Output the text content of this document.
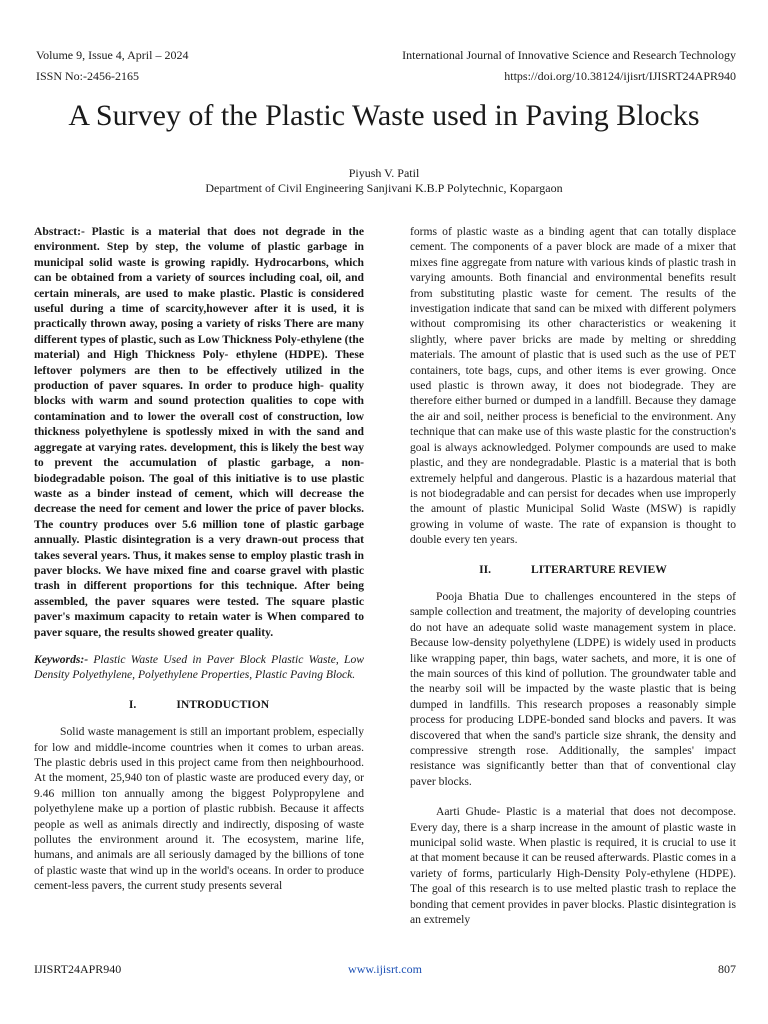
Volume 9, Issue 4, April – 2024	International Journal of Innovative Science and Research Technology
ISSN No:-2456-2165	https://doi.org/10.38124/ijisrt/IJISRT24APR940
A Survey of the Plastic Waste used in Paving Blocks
Piyush V. Patil
Department of Civil Engineering Sanjivani K.B.P Polytechnic, Kopargaon

Abstract:- Plastic is a material that does not degrade in the environment. Step by step, the volume of plastic garbage in municipal solid waste is growing rapidly. Hydrocarbons, which can be obtained from a variety of sources including coal, oil, and certain minerals, are used to make plastic. Plastic is considered useful during a time of scarcity,however after it is used, it is practically thrown away, posing a variety of risks There are many different types of plastic, such as Low Thickness Poly-ethylene (the material) and High Thickness Poly- ethylene (HDPE). These leftover polymers are then to be effectively utilized in the production of paver squares. In order to produce high- quality blocks with warm and sound protection qualities to cope with contamination and to lower the overall cost of construction, low thickness polyethylene is spotlessly mixed in with the sand and aggregate at varying rates. development, this is likely the best way to prevent the accumulation of plastic garbage, a non-biodegradable poison. The goal of this initiative is to use plastic waste as a binder instead of cement, which will decrease the decrease the need for cement and lower the price of paver blocks. The country produces over 5.6 million tone of plastic garbage annually. Plastic disintegration is a very drawn-out process that takes several years. Thus, it makes sense to employ plastic trash in paver blocks. We have mixed fine and coarse gravel with plastic trash in different proportions for this technique. After being assembled, the paver squares were tested. The square plastic paver's maximum capacity to retain water is When compared to paver square, the results showed greater quality.

Keywords:- Plastic Waste Used in Paver Block Plastic Waste, Low Density Polyethylene, Polyethylene Properties, Plastic Paving Block.

I.	INTRODUCTION

Solid waste management is still an important problem, especially for low and middle-income countries when it comes to urban areas. The plastic debris used in this project came from then neighbourhood. At the moment, 25,940 ton of plastic waste are produced every day, or 9.46 million ton annually among the biggest Polypropylene and polyethylene make up a portion of plastic rubbish. Because it affects people as well as animals directly and indirectly, disposing of waste pollutes the environment around it. The ecosystem, marine life, humans, and animals are all seriously damaged by the billions of tone of plastic waste that wind up in the world's oceans. In order to produce cement-less pavers, the current study presents several

forms of plastic waste as a binding agent that can totally displace cement. The components of a paver block are made of a mixer that mixes fine aggregate from nature with various kinds of plastic trash in varying amounts. Both financial and environmental benefits result from substituting plastic waste for cement. The results of the investigation indicate that sand can be mixed with different polymers without compromising its other characteristics or weakening it slightly, where paver bricks are made by melting or shredding materials. The amount of plastic that is used such as the use of PET containers, tote bags, cups, and other items is ever growing. Once used plastic is thrown away, it does not biodegrade. They are therefore either burned or dumped in a landfill. Because they damage the air and soil, neither process is beneficial to the environment. Any technique that can make use of this waste plastic for the construction's goal is always acknowledged. Polymer compounds are used to make plastic, and they are nondegradable. Plastic is a material that is both extremely helpful and dangerous. Plastic is a hazardous material that is not biodegradable and can persist for decades when use improperly the amount of plastic Municipal Solid Waste (MSW) is rapidly growing in volume of waste. The rate of expansion is thought to double every ten years.

II.	LITERARTURE REVIEW

Pooja Bhatia Due to challenges encountered in the steps of sample collection and treatment, the majority of developing countries do not have an adequate solid waste management system in place. Because low-density polyethylene (LDPE) is widely used in products like wrapping paper, thin bags, water sachets, and more, it is one of the main sources of this kind of pollution. The groundwater table and the nearby soil will be impacted by the waste plastic that is being dumped in landfills. This research proposes a reasonably simple process for producing LDPE-bonded sand blocks and pavers. It was discovered that when the sand's particle size shrank, the density and compressive strength rose. Additionally, the samples' impact resistance was significantly better than that of conventional clay paver blocks.

Aarti Ghude- Plastic is a material that does not decompose. Every day, there is a sharp increase in the amount of plastic waste in municipal solid waste. When plastic is required, it is crucial to use it at that moment because it can be reused afterwards. Plastic comes in a variety of forms, particularly High-Density Poly-ethylene (HDPE). The goal of this research is to use melted plastic trash to replace the bonding that cement provides in paver blocks. Plastic disintegration is an extremely

IJISRT24APR940	www.ijisrt.com	807
